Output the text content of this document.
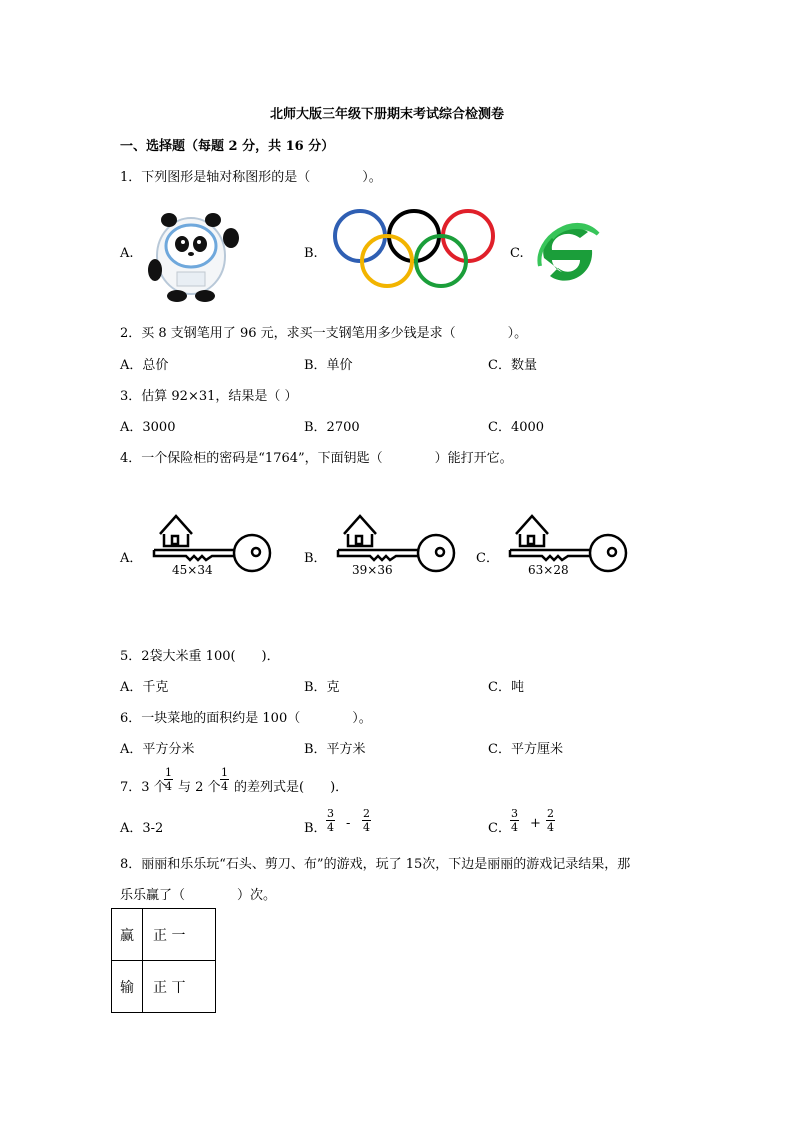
北师大版三年级下册期末考试综合检测卷
一、选择题（每题 2 分，共 16 分）
1．下列图形是轴对称图形的是（　　　　）。
A.	B.	C.
2．买 8 支钢笔用了 96 元，求买一支钢笔用多少钱是求（　　　　）。
A．总价	B．单价	C．数量
3．估算 92×31，结果是（ ）
A．3000	B．2700	C．4000
4．一个保险柜的密码是“1764”，下面钥匙（　　　　）能打开它。
A．
45×34
B．
39×36
C．
63×28
5．2袋大米重 100(　　)．
A．千克	B．克	C．吨
6．一块菜地的面积约是 100（　　　　）。
A．平方分米	B．平方米	C．平方厘米
7．3 个
1
4 与 2 个
1
4 的差列式是(　　)．
A．3-2	B．
3
4 -
2
4	C．
3
4 +
2
4
8．丽丽和乐乐玩“石头、剪刀、布”的游戏，玩了 15次，下边是丽丽的游戏记录结果，那
乐乐赢了（　　　　）次。
赢	正 一
输	正 丅
